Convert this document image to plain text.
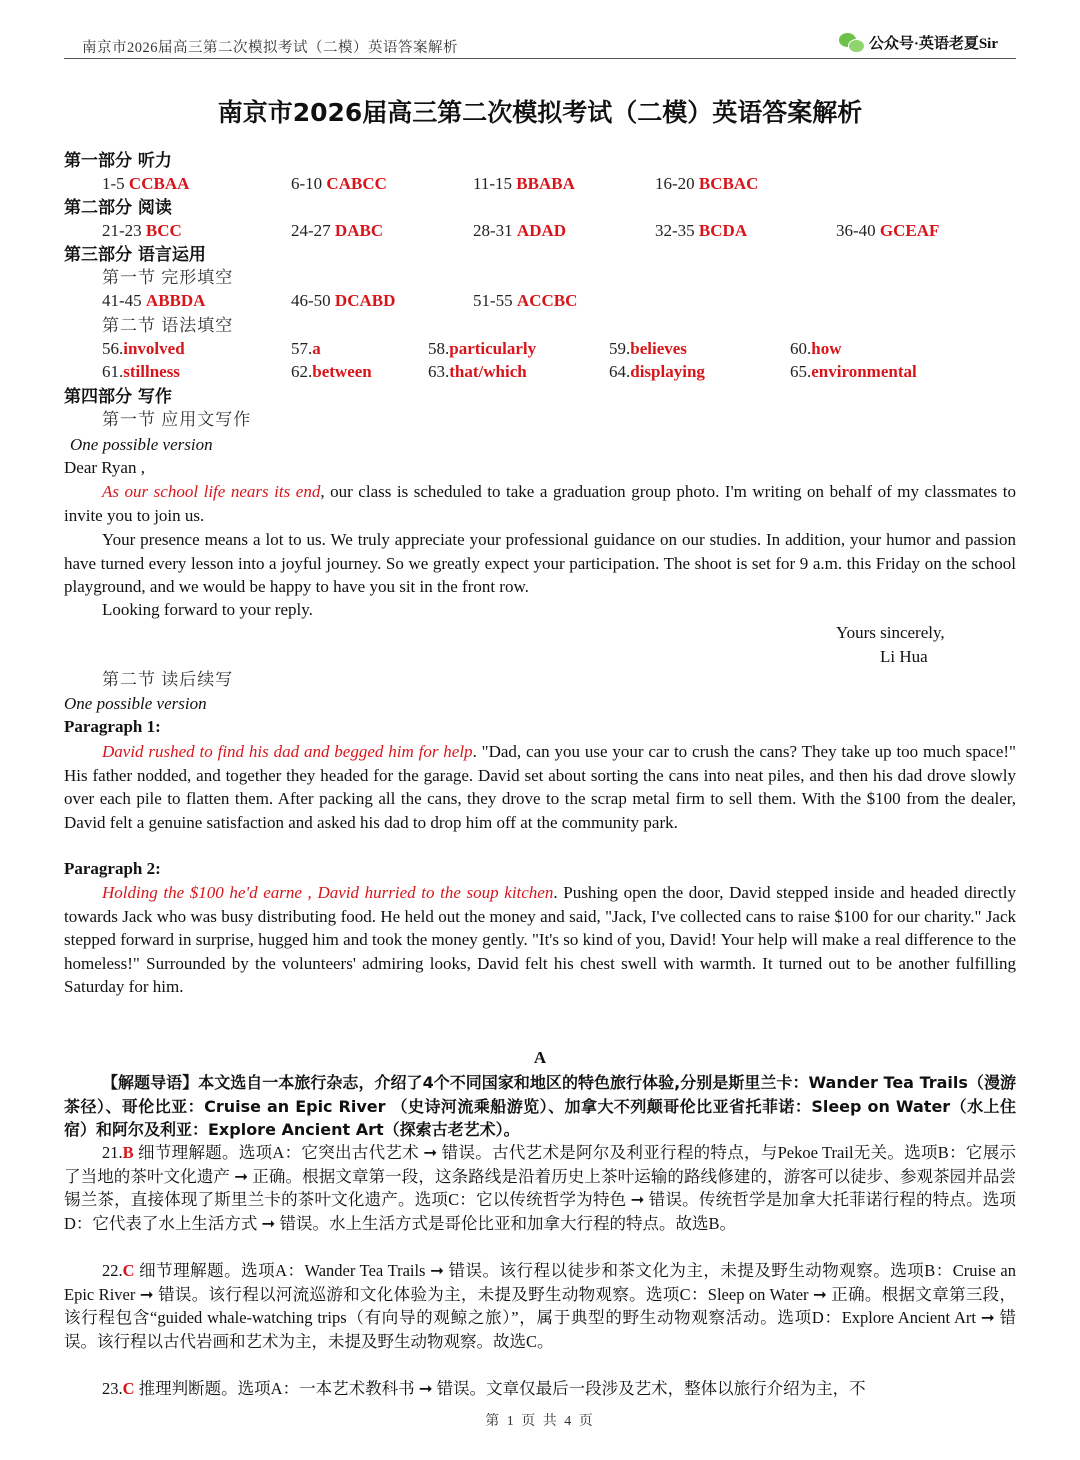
南京市2026届高三第二次模拟考试（二模）英语答案解析	公众号·英语老夏Sir
南京市2026届高三第二次模拟考试（二模）英语答案解析
第一部分 听力
1-5 CCBAA	6-10 CABCC	11-15 BBABA	16-20 BCBAC
第二部分 阅读
21-23 BCC	24-27 DABC	28-31 ADAD	32-35 BCDA	36-40 GCEAF
第三部分 语言运用
第一节 完形填空
41-45 ABBDA	46-50 DCABD	51-55 ACCBC
第二节 语法填空
56.involved	57.a	58.particularly	59.believes	60.how
61.stillness	62.between	63.that/which	64.displaying	65.environmental
第四部分 写作
第一节 应用文写作
One possible version
Dear Ryan ,
As our school life nears its end, our class is scheduled to take a graduation group photo. I'm writing on behalf of my classmates to invite you to join us.
Your presence means a lot to us. We truly appreciate your professional guidance on our studies. In addition, your humor and passion have turned every lesson into a joyful journey. So we greatly expect your participation. The shoot is set for 9 a.m. this Friday on the school playground, and we would be happy to have you sit in the front row.
Looking forward to your reply.
Yours sincerely,
Li Hua
第二节 读后续写
One possible version
Paragraph 1:
David rushed to find his dad and begged him for help. "Dad, can you use your car to crush the cans? They take up too much space!" His father nodded, and together they headed for the garage. David set about sorting the cans into neat piles, and then his dad drove slowly over each pile to flatten them. After packing all the cans, they drove to the scrap metal firm to sell them. With the $100 from the dealer, David felt a genuine satisfaction and asked his dad to drop him off at the community park.
Paragraph 2:
Holding the $100 he'd earne , David hurried to the soup kitchen. Pushing open the door, David stepped inside and headed directly towards Jack who was busy distributing food. He held out the money and said, "Jack, I've collected cans to raise $100 for our charity." Jack stepped forward in surprise, hugged him and took the money gently. "It's so kind of you, David! Your help will make a real difference to the homeless!" Surrounded by the volunteers' admiring looks, David felt his chest swell with warmth. It turned out to be another fulfilling Saturday for him.
A
【解题导语】本文选自一本旅行杂志，介绍了4个不同国家和地区的特色旅行体验,分别是斯里兰卡：Wander Tea Trails（漫游茶径）、哥伦比亚：Cruise an Epic River （史诗河流乘船游览）、加拿大不列颠哥伦比亚省托菲诺：Sleep on Water（水上住宿）和阿尔及利亚：Explore Ancient Art（探索古老艺术）。
21.B 细节理解题。选项A：它突出古代艺术 ➞ 错误。古代艺术是阿尔及利亚行程的特点，与Pekoe Trail无关。选项B：它展示了当地的茶叶文化遗产 ➞ 正确。根据文章第一段，这条路线是沿着历史上茶叶运输的路线修建的，游客可以徒步、参观茶园并品尝锡兰茶，直接体现了斯里兰卡的茶叶文化遗产。选项C：它以传统哲学为特色 ➞ 错误。传统哲学是加拿大托菲诺行程的特点。选项D：它代表了水上生活方式 ➞ 错误。水上生活方式是哥伦比亚和加拿大行程的特点。故选B。
22.C 细节理解题。选项A：Wander Tea Trails ➞ 错误。该行程以徒步和茶文化为主，未提及野生动物观察。选项B：Cruise an Epic River ➞ 错误。该行程以河流巡游和文化体验为主，未提及野生动物观察。选项C：Sleep on Water ➞ 正确。根据文章第三段，该行程包含“guided whale-watching trips（有向导的观鲸之旅）”，属于典型的野生动物观察活动。选项D：Explore Ancient Art ➞ 错误。该行程以古代岩画和艺术为主，未提及野生动物观察。故选C。
23.C 推理判断题。选项A：一本艺术教科书 ➞ 错误。文章仅最后一段涉及艺术，整体以旅行介绍为主，不
第 1 页 共 4 页
